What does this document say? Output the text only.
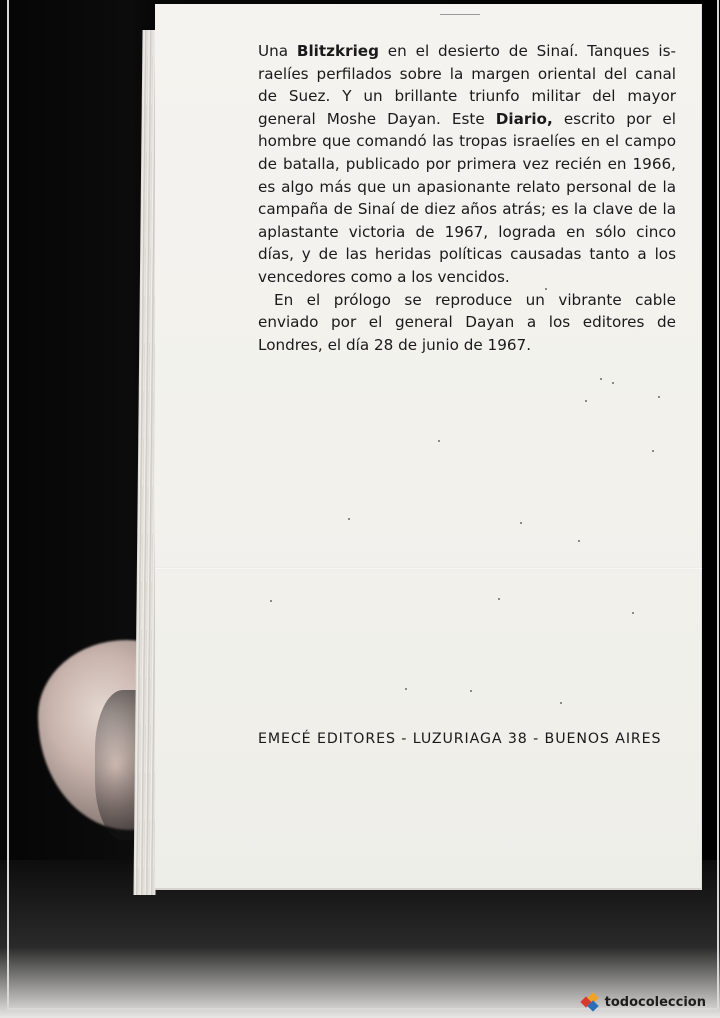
Una Blitzkrieg en el desierto de Sinaí. Tanques israelíes perfilados sobre la margen oriental del canal de Suez. Y un brillante triunfo militar del mayor general Moshe Dayan. Este Diario, escrito por el hombre que comandó las tropas israelíes en el campo de batalla, publicado por primera vez recién en 1966, es algo más que un apasionante relato personal de la campaña de Sinaí de diez años atrás; es la clave de la aplastante victoria de 1967, lograda en sólo cinco días, y de las heridas políticas causadas tanto a los vencedores como a los vencidos.

En el prólogo se reproduce un vibrante cable enviado por el general Dayan a los editores de Londres, el día 28 de junio de 1967.

EMECÉ EDITORES - LUZURIAGA 38 - BUENOS AIRES
todocoleccion
